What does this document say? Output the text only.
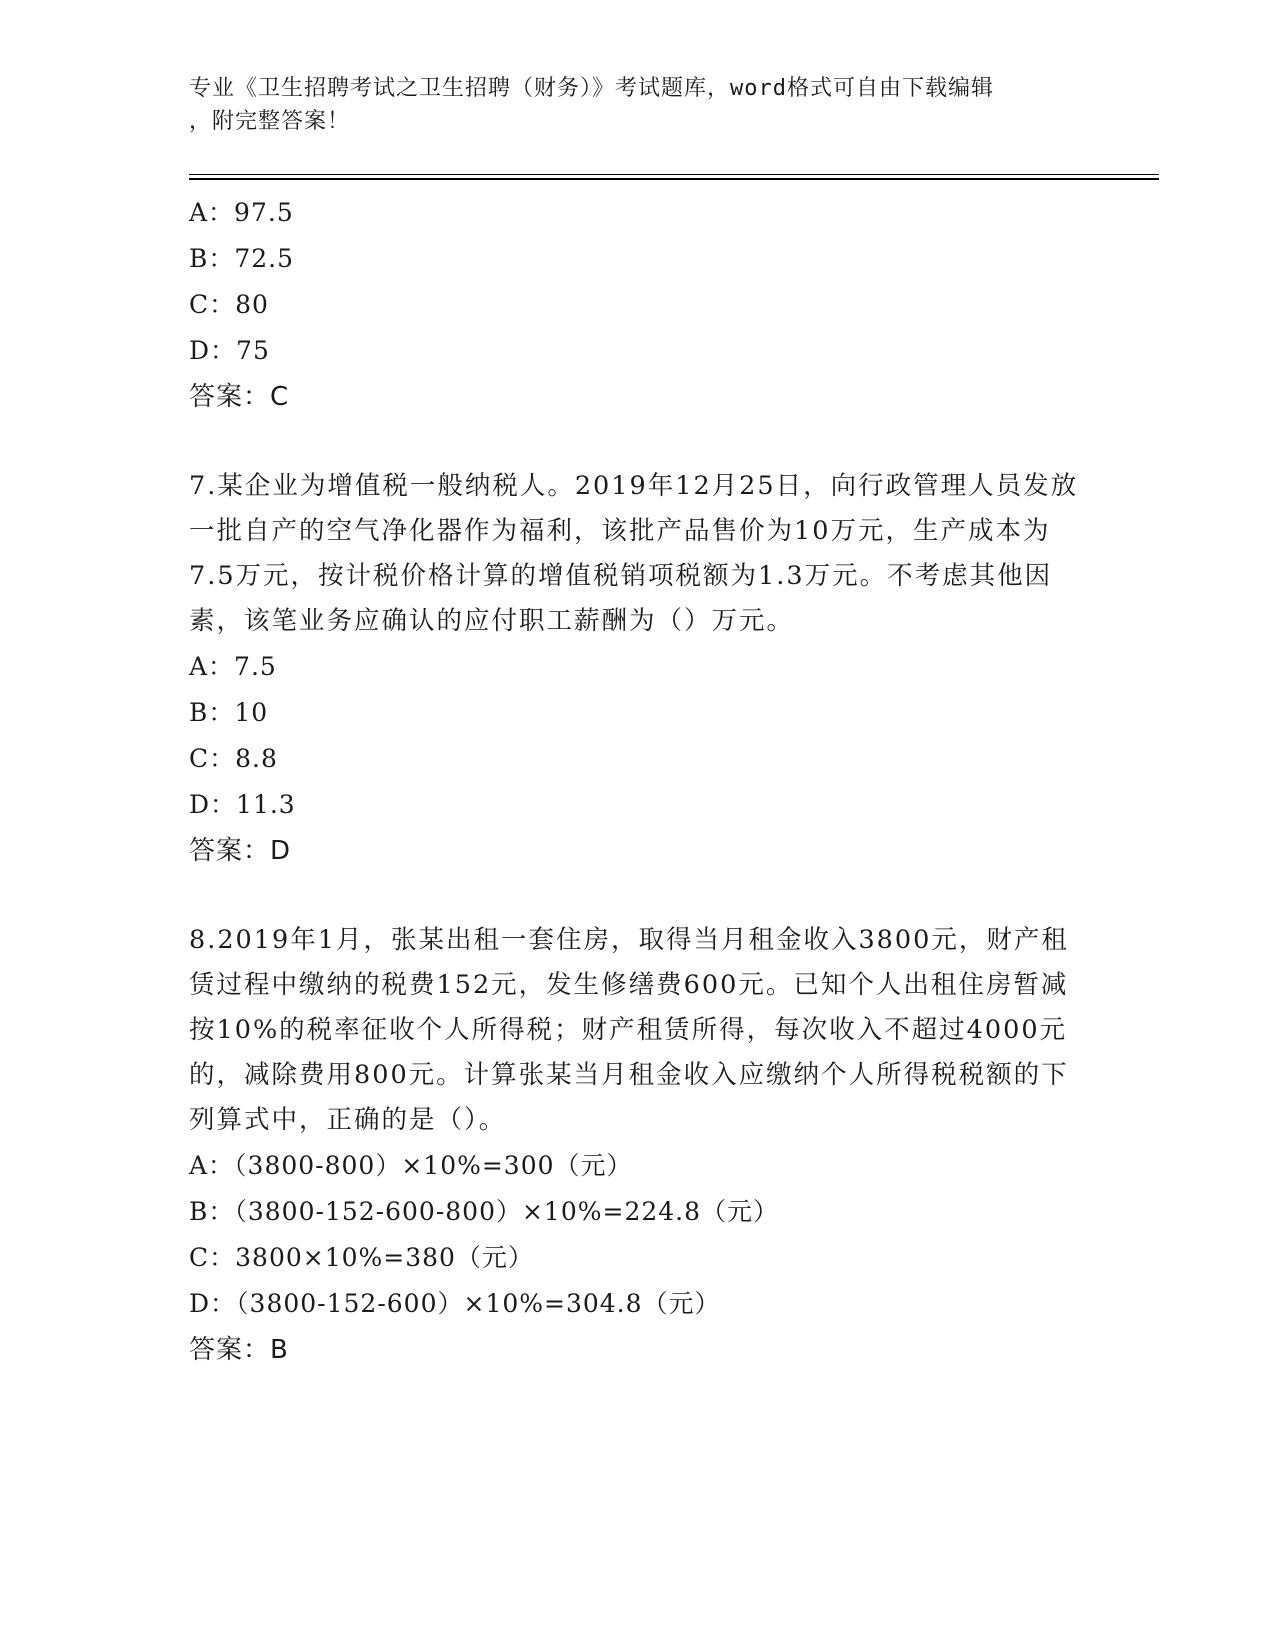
专业《卫生招聘考试之卫生招聘（财务）》考试题库，word格式可自由下载编辑

，附完整答案！

A：97.5
B：72.5
C：80
D：75
答案：C
7.某企业为增值税一般纳税人。2019年12月25日，向行政管理人员发放一批自产的空气净化器作为福利，该批产品售价为10万元，生产成本为7.5万元，按计税价格计算的增值税销项税额为1.3万元。不考虑其他因素，该笔业务应确认的应付职工薪酬为（）万元。
A：7.5
B：10
C：8.8
D：11.3
答案：D
8.2019年1月，张某出租一套住房，取得当月租金收入3800元，财产租赁过程中缴纳的税费152元，发生修缮费600元。已知个人出租住房暂减按10%的税率征收个人所得税；财产租赁所得，每次收入不超过4000元的，减除费用800元。计算张某当月租金收入应缴纳个人所得税税额的下列算式中，正确的是（）。
A：（3800-800）×10%=300（元）
B：（3800-152-600-800）×10%=224.8（元）
C：3800×10%=380（元）
D：（3800-152-600）×10%=304.8（元）
答案：B
